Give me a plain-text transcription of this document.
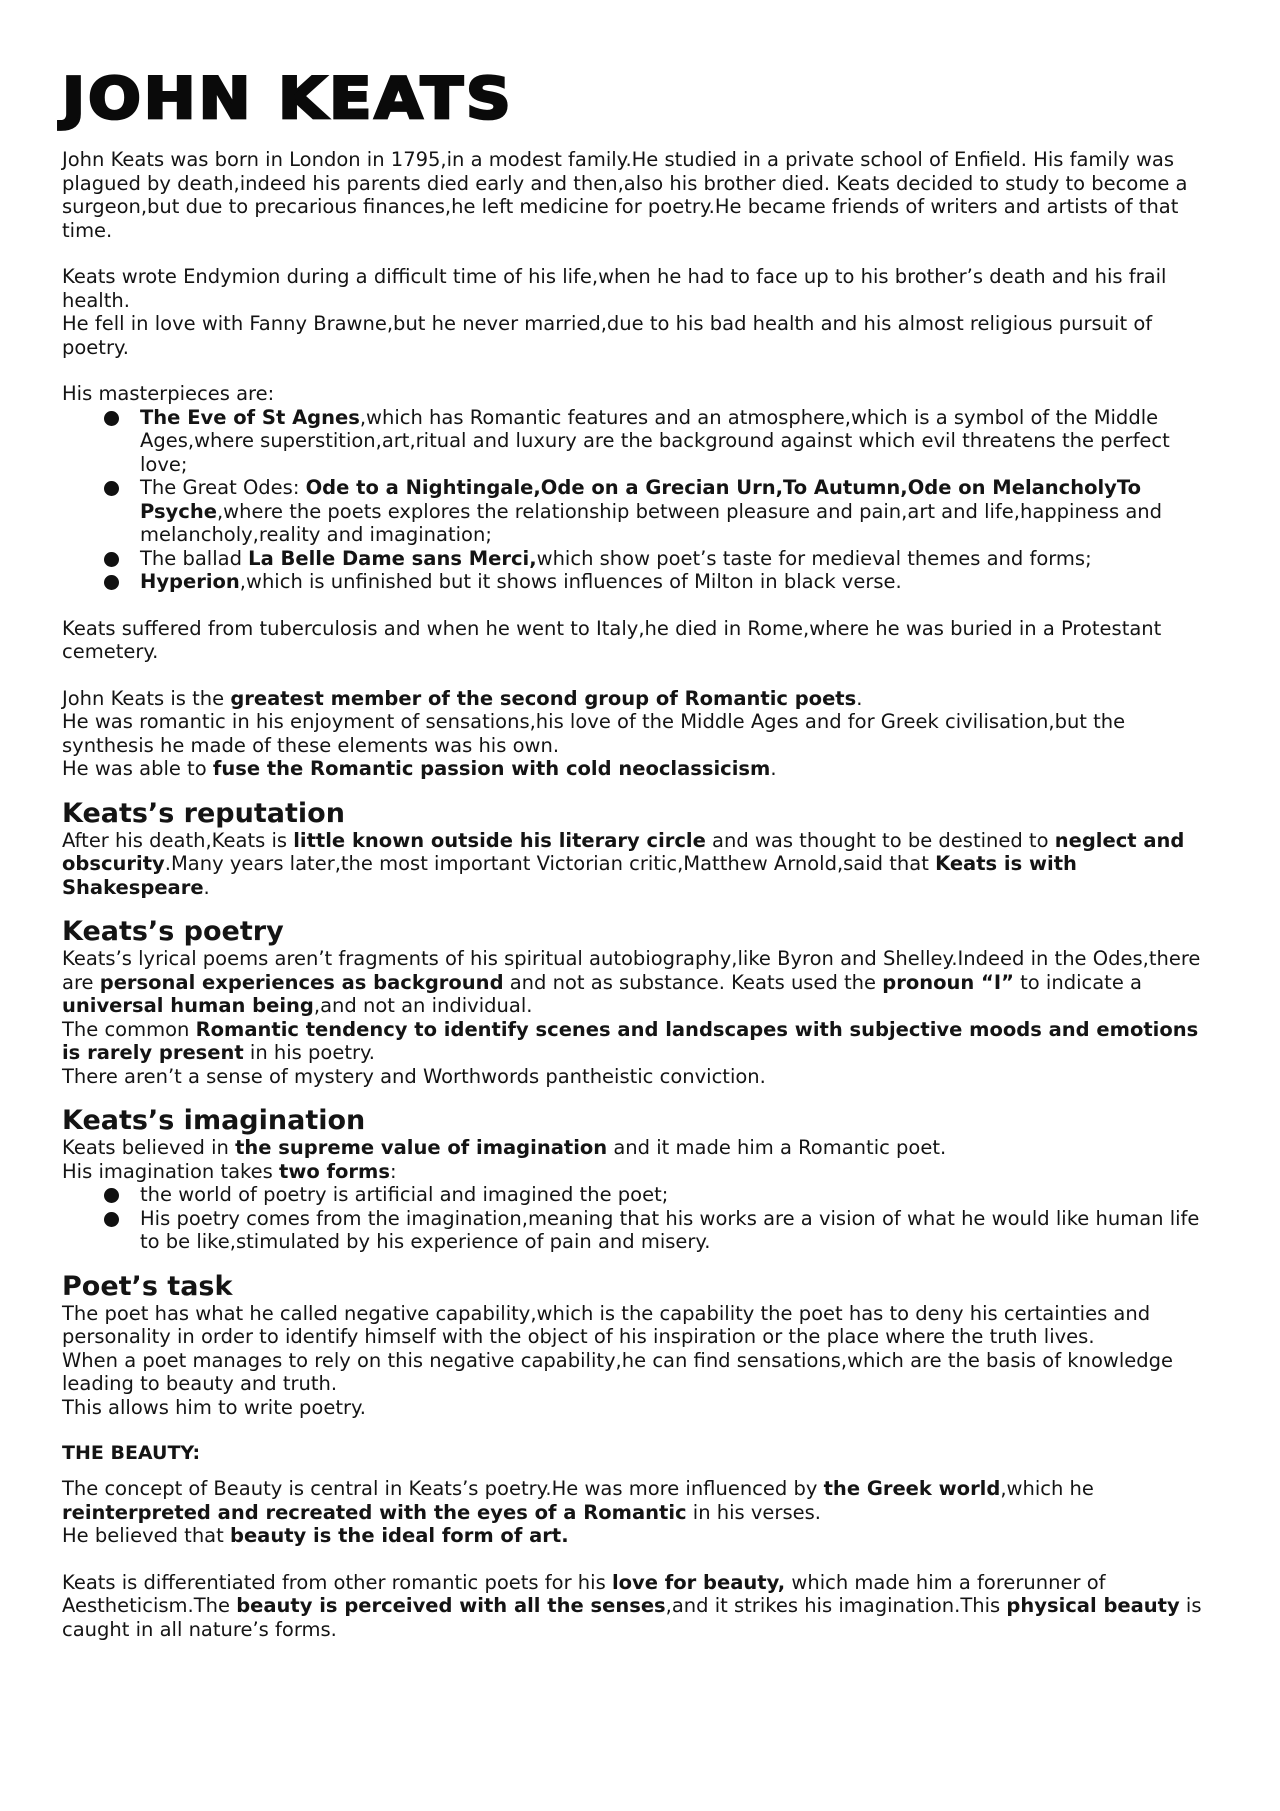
JOHN KEATS

John Keats was born in London in 1795,in a modest family.He studied in a private school of Enfield. His family was plagued by death,indeed his parents died early and then,also his brother died. Keats decided to study to become a surgeon,but due to precarious finances,he left medicine for poetry.He became friends of writers and artists of that time.

Keats wrote Endymion during a difficult time of his life,when he had to face up to his brother’s death and his frail health.

He fell in love with Fanny Brawne,but he never married,due to his bad health and his almost religious pursuit of poetry.

His masterpieces are:

The Eve of St Agnes,which has Romantic features and an atmosphere,which is a symbol of the Middle Ages,where superstition,art,ritual and luxury are the background against which evil threatens the perfect love;
The Great Odes: Ode to a Nightingale,Ode on a Grecian Urn,To Autumn,Ode on MelancholyTo Psyche,where the poets explores the relationship between pleasure and pain,art and life,happiness and melancholy,reality and imagination;
The ballad La Belle Dame sans Merci,which show poet’s taste for medieval themes and forms;
Hyperion,which is unfinished but it shows influences of Milton in black verse.

Keats suffered from tuberculosis and when he went to Italy,he died in Rome,where he was buried in a Protestant cemetery.

John Keats is the greatest member of the second group of Romantic poets.

He was romantic in his enjoyment of sensations,his love of the Middle Ages and for Greek civilisation,but the synthesis he made of these elements was his own.

He was able to fuse the Romantic passion with cold neoclassicism.

Keats’s reputation

After his death,Keats is little known outside his literary circle and was thought to be destined to neglect and obscurity.Many years later,the most important Victorian critic,Matthew Arnold,said that Keats is with Shakespeare.

Keats’s poetry

Keats’s lyrical poems aren’t fragments of his spiritual autobiography,like Byron and Shelley.Indeed in the Odes,there are personal experiences as background and not as substance. Keats used the pronoun “I” to indicate a universal human being,and not an individual.

The common Romantic tendency to identify scenes and landscapes with subjective moods and emotions is rarely present in his poetry.

There aren’t a sense of mystery and Worthwords pantheistic conviction.

Keats’s imagination

Keats believed in the supreme value of imagination and it made him a Romantic poet.

His imagination takes two forms:

the world of poetry is artificial and imagined the poet;
His poetry comes from the imagination,meaning that his works are a vision of what he would like human life to be like,stimulated by his experience of pain and misery.
Poet’s task

The poet has what he called negative capability,which is the capability the poet has to deny his certainties and personality in order to identify himself with the object of his inspiration or the place where the truth lives.

When a poet manages to rely on this negative capability,he can find sensations,which are the basis of knowledge leading to beauty and truth.

This allows him to write poetry.

THE BEAUTY:

The concept of Beauty is central in Keats’s poetry.He was more influenced by the Greek world,which he reinterpreted and recreated with the eyes of a Romantic in his verses.

He believed that beauty is the ideal form of art.

Keats is differentiated from other romantic poets for his love for beauty, which made him a forerunner of Aestheticism.The beauty is perceived with all the senses,and it strikes his imagination.This physical beauty is caught in all nature’s forms.
